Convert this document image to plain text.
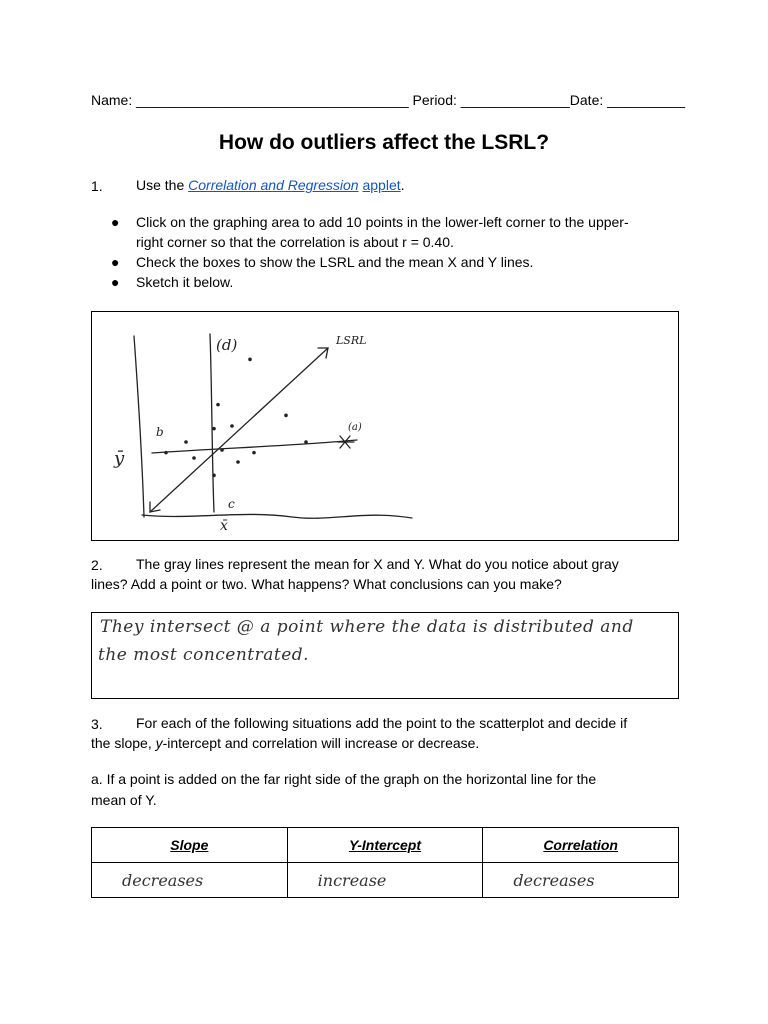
Name: ___________________________________ Period: ______________Date: __________
How do outliers affect the LSRL?
1. Use the Correlation and Regression applet.
● Click on the graphing area to add 10 points in the lower-left corner to the upper-right corner so that the correlation is about r = 0.40.
● Check the boxes to show the LSRL and the mean X and Y lines.
● Sketch it below.
LSRL
(d)
(a)
b
c
ȳ
x̄
2. The gray lines represent the mean for X and Y. What do you notice about gray
lines? Add a point or two. What happens? What conclusions can you make?
They intersect @ a point where the data is distributed and
the most concentrated.
3. For each of the following situations add the point to the scatterplot and decide if
the slope, y-intercept and correlation will increase or decrease.
a. If a point is added on the far right side of the graph on the horizontal line for the
mean of Y.
Slope	Y-Intercept	Correlation
decreases	increase	decreases
